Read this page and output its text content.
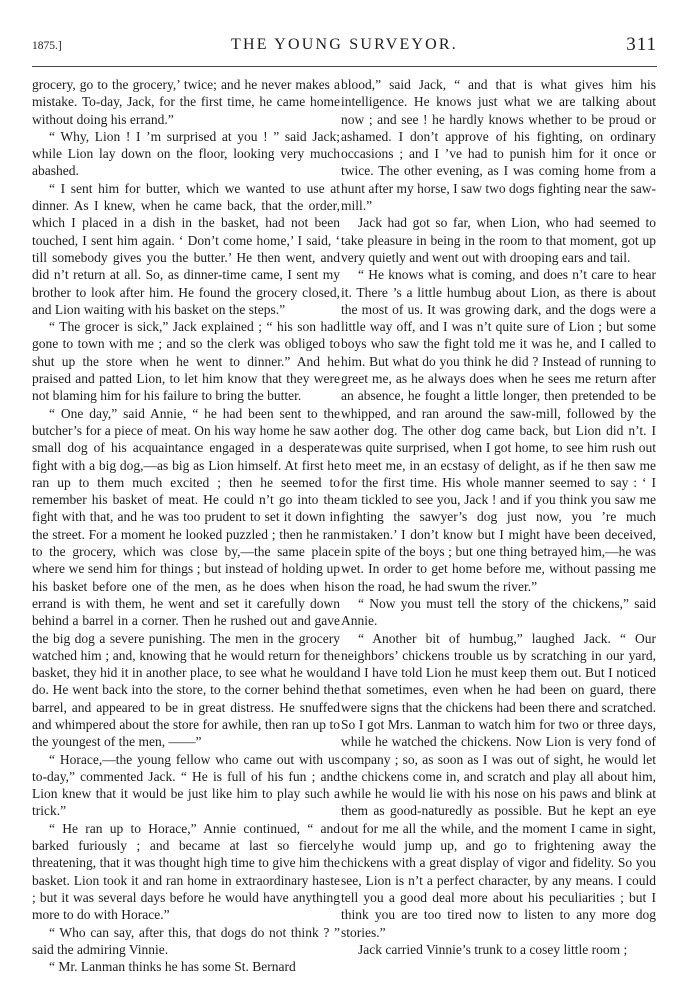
1875.]	THE YOUNG SURVEYOR.	311

grocery, go to the grocery,’ twice; and he never makes a mistake. To-day, Jack, for the first time, he came home without doing his errand.”

“ Why, Lion ! I ’m surprised at you ! ” said Jack; while Lion lay down on the floor, looking very much abashed.

“ I sent him for butter, which we wanted to use at dinner. As I knew, when he came back, that the order, which I placed in a dish in the basket, had not been touched, I sent him again. ‘ Don’t come home,’ I said, ‘ till somebody gives you the butter.’ He then went, and did n’t return at all. So, as dinner-time came, I sent my brother to look after him. He found the grocery closed, and Lion waiting with his basket on the steps.”

“ The grocer is sick,” Jack explained ; “ his son had gone to town with me ; and so the clerk was obliged to shut up the store when he went to dinner.” And he praised and patted Lion, to let him know that they were not blaming him for his failure to bring the butter.

“ One day,” said Annie, “ he had been sent to the butcher’s for a piece of meat. On his way home he saw a small dog of his acquaintance engaged in a desperate fight with a big dog,—as big as Lion himself. At first he ran up to them much excited ; then he seemed to remember his basket of meat. He could n’t go into the fight with that, and he was too prudent to set it down in the street. For a moment he looked puzzled ; then he ran to the grocery, which was close by,—the same place where we send him for things ; but instead of holding up his basket before one of the men, as he does when his errand is with them, he went and set it carefully down behind a barrel in a corner. Then he rushed out and gave the big dog a severe punishing. The men in the grocery watched him ; and, knowing that he would return for the basket, they hid it in another place, to see what he would do. He went back into the store, to the corner behind the barrel, and appeared to be in great distress. He snuffed and whimpered about the store for awhile, then ran up to the youngest of the men, ——”

“ Horace,—the young fellow who came out with us to-day,” commented Jack. “ He is full of his fun ; and Lion knew that it would be just like him to play such a trick.”

“ He ran up to Horace,” Annie continued, “ and barked furiously ; and became at last so fiercely threatening, that it was thought high time to give him the basket. Lion took it and ran home in extraordinary haste ; but it was several days before he would have anything more to do with Horace.”

“ Who can say, after this, that dogs do not think ? ” said the admiring Vinnie.

“ Mr. Lanman thinks he has some St. Bernard

blood,” said Jack, “ and that is what gives him his intelligence. He knows just what we are talking about now ; and see ! he hardly knows whether to be proud or ashamed. I don’t approve of his fighting, on ordinary occasions ; and I ’ve had to punish him for it once or twice. The other evening, as I was coming home from a hunt after my horse, I saw two dogs fighting near the saw-mill.”

Jack had got so far, when Lion, who had seemed to take pleasure in being in the room to that moment, got up very quietly and went out with drooping ears and tail.

“ He knows what is coming, and does n’t care to hear it. There ’s a little humbug about Lion, as there is about the most of us. It was growing dark, and the dogs were a little way off, and I was n’t quite sure of Lion ; but some boys who saw the fight told me it was he, and I called to him. But what do you think he did ? Instead of running to greet me, as he always does when he sees me return after an absence, he fought a little longer, then pretended to be whipped, and ran around the saw-mill, followed by the other dog. The other dog came back, but Lion did n’t. I was quite surprised, when I got home, to see him rush out to meet me, in an ecstasy of delight, as if he then saw me for the first time. His whole manner seemed to say : ‘ I am tickled to see you, Jack ! and if you think you saw me fighting the sawyer’s dog just now, you ’re much mistaken.’ I don’t know but I might have been deceived, in spite of the boys ; but one thing betrayed him,—he was wet. In order to get home before me, without passing me on the road, he had swum the river.”

“ Now you must tell the story of the chickens,” said Annie.

“ Another bit of humbug,” laughed Jack. “ Our neighbors’ chickens trouble us by scratching in our yard, and I have told Lion he must keep them out. But I noticed that sometimes, even when he had been on guard, there were signs that the chickens had been there and scratched. So I got Mrs. Lanman to watch him for two or three days, while he watched the chickens. Now Lion is very fond of company ; so, as soon as I was out of sight, he would let the chickens come in, and scratch and play all about him, while he would lie with his nose on his paws and blink at them as good-naturedly as possible. But he kept an eye out for me all the while, and the moment I came in sight, he would jump up, and go to frightening away the chickens with a great display of vigor and fidelity. So you see, Lion is n’t a perfect character, by any means. I could tell you a good deal more about his peculiarities ; but I think you are too tired now to listen to any more dog stories.”

Jack carried Vinnie’s trunk to a cosey little room ;
